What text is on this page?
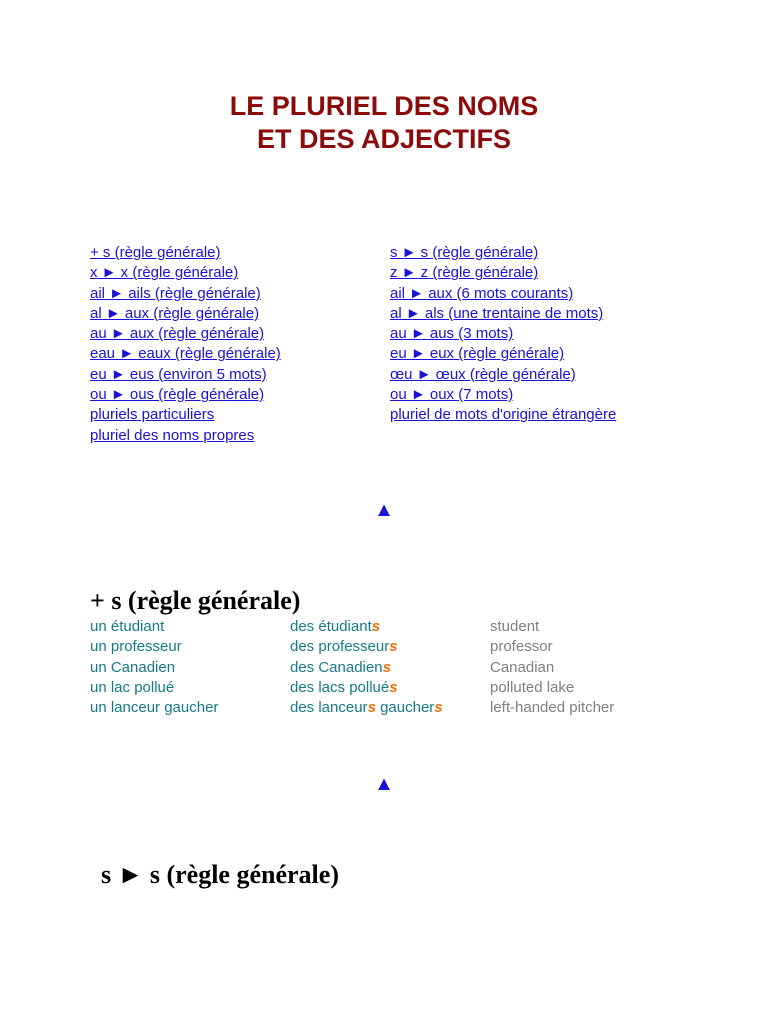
LE PLURIEL DES NOMS
ET DES ADJECTIFS
+ s (règle générale)
x ► x (règle générale)
ail ► ails (règle générale)
al ► aux (règle générale)
au ► aux (règle générale)
eau ► eaux (règle générale)
eu ► eus (environ 5 mots)
ou ► ous (règle générale)
pluriels particuliers
pluriel des noms propres
s ► s (règle générale)
z ► z (règle générale)
ail ► aux (6 mots courants)
al ► als (une trentaine de mots)
au ► aus (3 mots)
eu ► eux (règle générale)
œu ► œux (règle générale)
ou ► oux (7 mots)
pluriel de mots d'origine étrangère
▲
+ s (règle générale)
un étudiant	des étudiants	student
un professeur	des professeurs	professor
un Canadien	des Canadiens	Canadian
un lac pollué	des lacs pollués	polluted lake
un lanceur gaucher	des lanceurs gauchers	left-handed pitcher
▲
s ► s (règle générale)
